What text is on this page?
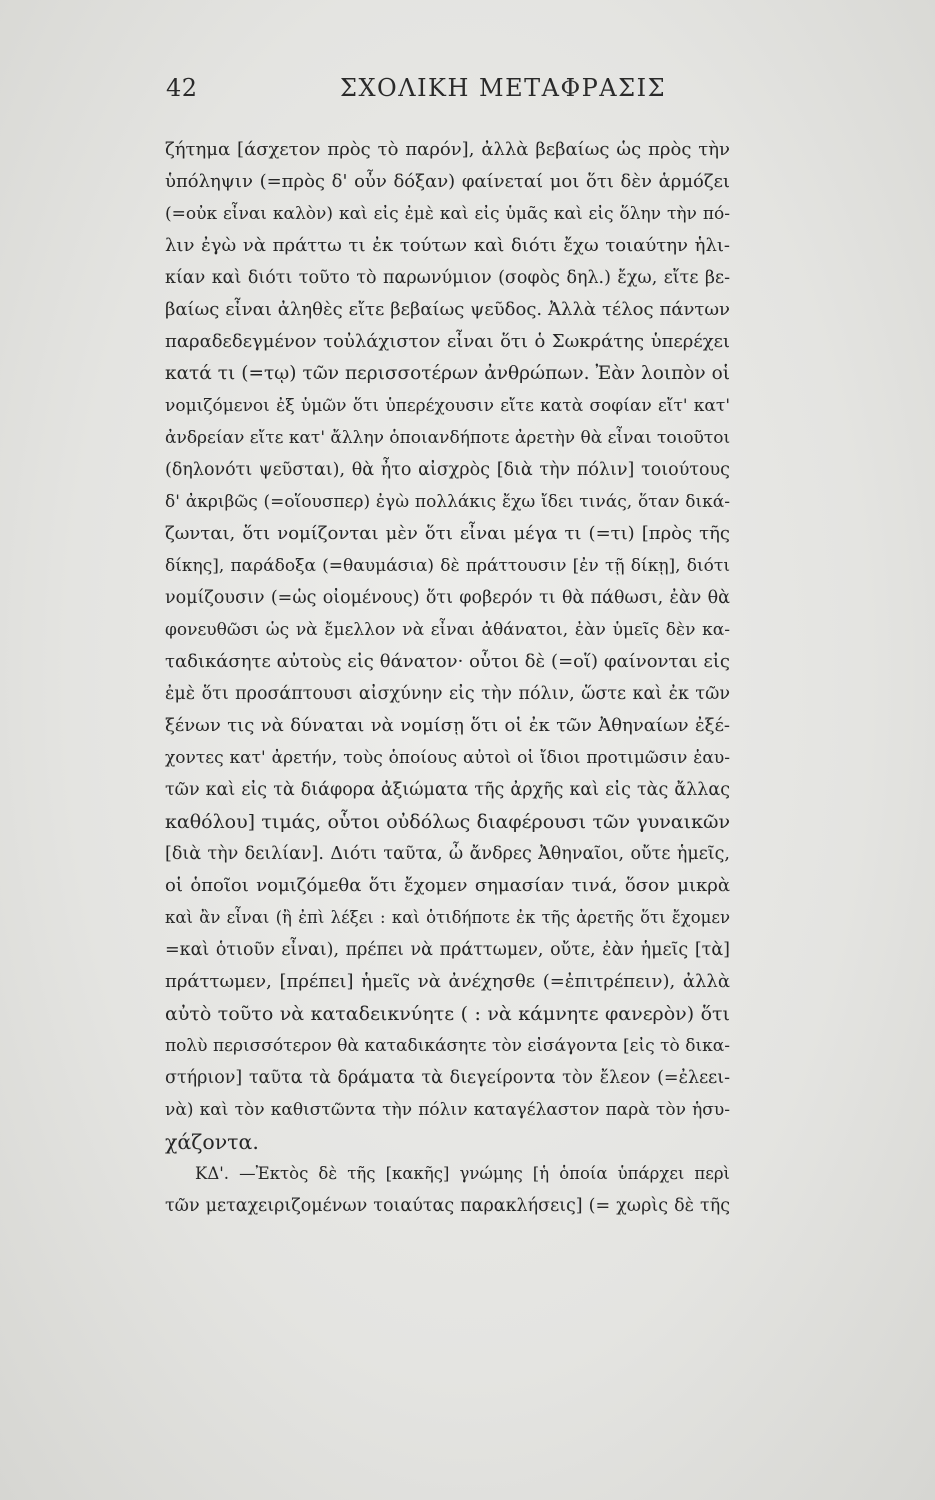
42	ΣΧΟΛΙΚΗ ΜΕΤΑΦΡΑΣΙΣ
ζήτημα [άσχετον πρὸς τὸ παρόν], ἀλλὰ βεβαίως ὡς πρὸς τὴν
ὑπόληψιν (=πρὸς δ' οὖν δόξαν) φαίνεταί μοι ὅτι δὲν ἁρμόζει
(=οὐκ εἶναι καλὸν) καὶ εἰς ἐμὲ καὶ εἰς ὑμᾶς καὶ εἰς ὅλην τὴν πό-
λιν ἐγὼ νὰ πράττω τι ἐκ τούτων καὶ διότι ἔχω τοιαύτην ἡλι-
κίαν καὶ διότι τοῦτο τὸ παρωνύμιον (σοφὸς δηλ.) ἔχω, εἴτε βε-
βαίως εἶναι ἀληθὲς εἴτε βεβαίως ψεῦδος. Ἀλλὰ τέλος πάντων
παραδεδεγμένον τοὐλάχιστον εἶναι ὅτι ὁ Σωκράτης ὑπερέχει
κατά τι (=τῳ) τῶν περισσοτέρων ἀνθρώπων. Ἐὰν λοιπὸν οἱ
νομιζόμενοι ἐξ ὑμῶν ὅτι ὑπερέχουσιν εἴτε κατὰ σοφίαν εἴτ' κατ'
ἀνδρείαν εἴτε κατ' ἄλλην ὁποιανδήποτε ἀρετὴν θὰ εἶναι τοιοῦτοι
(δηλονότι ψεῦσται), θὰ ἦτο αἰσχρὸς [διὰ τὴν πόλιν] τοιούτους
δ' ἀκριβῶς (=οἵουσπερ) ἐγὼ πολλάκις ἔχω ἴδει τινάς, ὅταν δικά-
ζωνται, ὅτι νομίζονται μὲν ὅτι εἶναι μέγα τι (=τι) [πρὸς τῆς
δίκης], παράδοξα (=θαυμάσια) δὲ πράττουσιν [ἐν τῇ δίκῃ], διότι
νομίζουσιν (=ὡς οἰομένους) ὅτι φοβερόν τι θὰ πάθωσι, ἐὰν θὰ
φονευθῶσι ὡς νὰ ἔμελλον νὰ εἶναι ἀθάνατοι, ἐὰν ὑμεῖς δὲν κα-
ταδικάσητε αὐτοὺς εἰς θάνατον· οὗτοι δὲ (=οἵ) φαίνονται εἰς
ἐμὲ ὅτι προσάπτουσι αἰσχύνην εἰς τὴν πόλιν, ὥστε καὶ ἐκ τῶν
ξένων τις νὰ δύναται νὰ νομίσῃ ὅτι οἱ ἐκ τῶν Ἀθηναίων ἐξέ-
χοντες κατ' ἀρετήν, τοὺς ὁποίους αὐτοὶ οἱ ἴδιοι προτιμῶσιν ἑαυ-
τῶν καὶ εἰς τὰ διάφορα ἀξιώματα τῆς ἀρχῆς καὶ εἰς τὰς ἄλλας
καθόλου] τιμάς, οὗτοι οὐδόλως διαφέρουσι τῶν γυναικῶν
[διὰ τὴν δειλίαν]. Διότι ταῦτα, ὦ ἄνδρες Ἀθηναῖοι, οὔτε ἡμεῖς,
οἱ ὁποῖοι νομιζόμεθα ὅτι ἔχομεν σημασίαν τινά, ὅσον μικρὰ
καὶ ἂν εἶναι (ἢ ἐπὶ λέξει : καὶ ὁτιδήποτε ἐκ τῆς ἀρετῆς ὅτι ἔχομεν
=καὶ ὁτιοῦν εἶναι), πρέπει νὰ πράττωμεν, οὔτε, ἐὰν ἡμεῖς [τὰ]
πράττωμεν, [πρέπει] ἡμεῖς νὰ ἀνέχησθε (=ἐπιτρέπειν), ἀλλὰ
αὐτὸ τοῦτο νὰ καταδεικνύητε ( : νὰ κάμνητε φανερὸν) ὅτι
πολὺ περισσότερον θὰ καταδικάσητε τὸν εἰσάγοντα [εἰς τὸ δικα-
στήριον] ταῦτα τὰ δράματα τὰ διεγείροντα τὸν ἔλεον (=ἐλεει-
νὰ) καὶ τὸν καθιστῶντα τὴν πόλιν καταγέλαστον παρὰ τὸν ἡσυ-
χάζοντα.
ΚΔ'. —Ἐκτὸς δὲ τῆς [κακῆς] γνώμης [ἡ ὁποία ὑπάρχει περὶ
τῶν μεταχειριζομένων τοιαύτας παρακλήσεις] (= χωρὶς δὲ τῆς
